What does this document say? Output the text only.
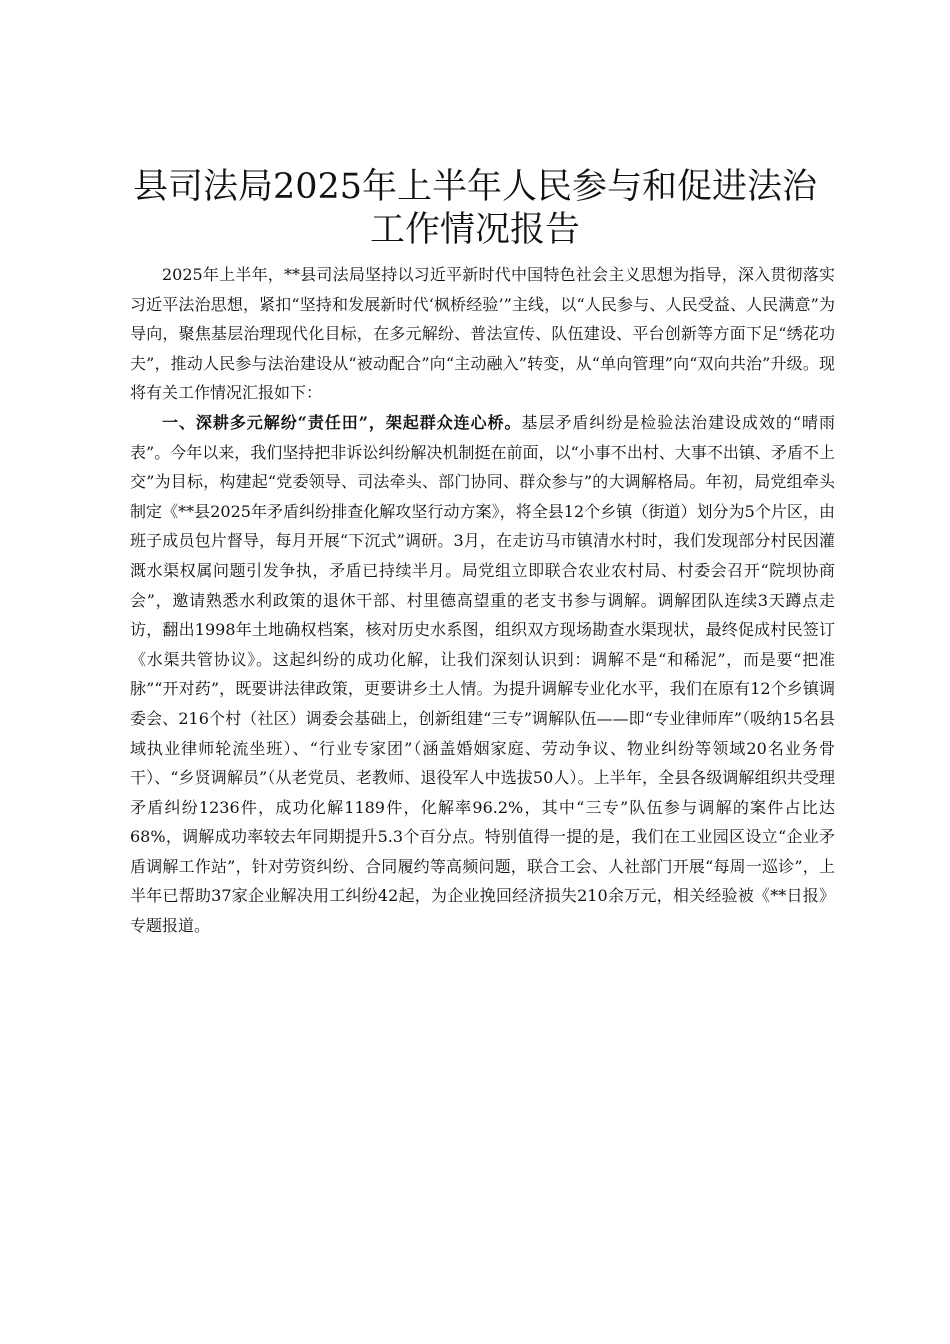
县司法局2025年上半年人民参与和促进法治
工作情况报告

2025年上半年，**县司法局坚持以习近平新时代中国特色社会主义思想为指导，深入贯彻落实习近平法治思想，紧扣“坚持和发展新时代‘枫桥经验’”主线，以“人民参与、人民受益、人民满意”为导向，聚焦基层治理现代化目标，在多元解纷、普法宣传、队伍建设、平台创新等方面下足“绣花功夫”，推动人民参与法治建设从“被动配合”向“主动融入”转变，从“单向管理”向“双向共治”升级。现将有关工作情况汇报如下：

一、深耕多元解纷“责任田”，架起群众连心桥。基层矛盾纠纷是检验法治建设成效的“晴雨表”。今年以来，我们坚持把非诉讼纠纷解决机制挺在前面，以“小事不出村、大事不出镇、矛盾不上交”为目标，构建起“党委领导、司法牵头、部门协同、群众参与”的大调解格局。年初，局党组牵头制定《**县2025年矛盾纠纷排查化解攻坚行动方案》，将全县12个乡镇（街道）划分为5个片区，由班子成员包片督导，每月开展“下沉式”调研。3月，在走访马市镇清水村时，我们发现部分村民因灌溉水渠权属问题引发争执，矛盾已持续半月。局党组立即联合农业农村局、村委会召开“院坝协商会”，邀请熟悉水利政策的退休干部、村里德高望重的老支书参与调解。调解团队连续3天蹲点走访，翻出1998年土地确权档案，核对历史水系图，组织双方现场勘查水渠现状，最终促成村民签订《水渠共管协议》。这起纠纷的成功化解，让我们深刻认识到：调解不是“和稀泥”，而是要“把准脉”“开对药”，既要讲法律政策，更要讲乡土人情。为提升调解专业化水平，我们在原有12个乡镇调委会、216个村（社区）调委会基础上，创新组建“三专”调解队伍——即“专业律师库”（吸纳15名县域执业律师轮流坐班）、“行业专家团”（涵盖婚姻家庭、劳动争议、物业纠纷等领域20名业务骨干）、“乡贤调解员”（从老党员、老教师、退役军人中选拔50人）。上半年，全县各级调解组织共受理矛盾纠纷1236件，成功化解1189件，化解率96.2%，其中“三专”队伍参与调解的案件占比达68%，调解成功率较去年同期提升5.3个百分点。特别值得一提的是，我们在工业园区设立“企业矛盾调解工作站”，针对劳资纠纷、合同履约等高频问题，联合工会、人社部门开展“每周一巡诊”，上半年已帮助37家企业解决用工纠纷42起，为企业挽回经济损失210余万元，相关经验被《**日报》专题报道。
